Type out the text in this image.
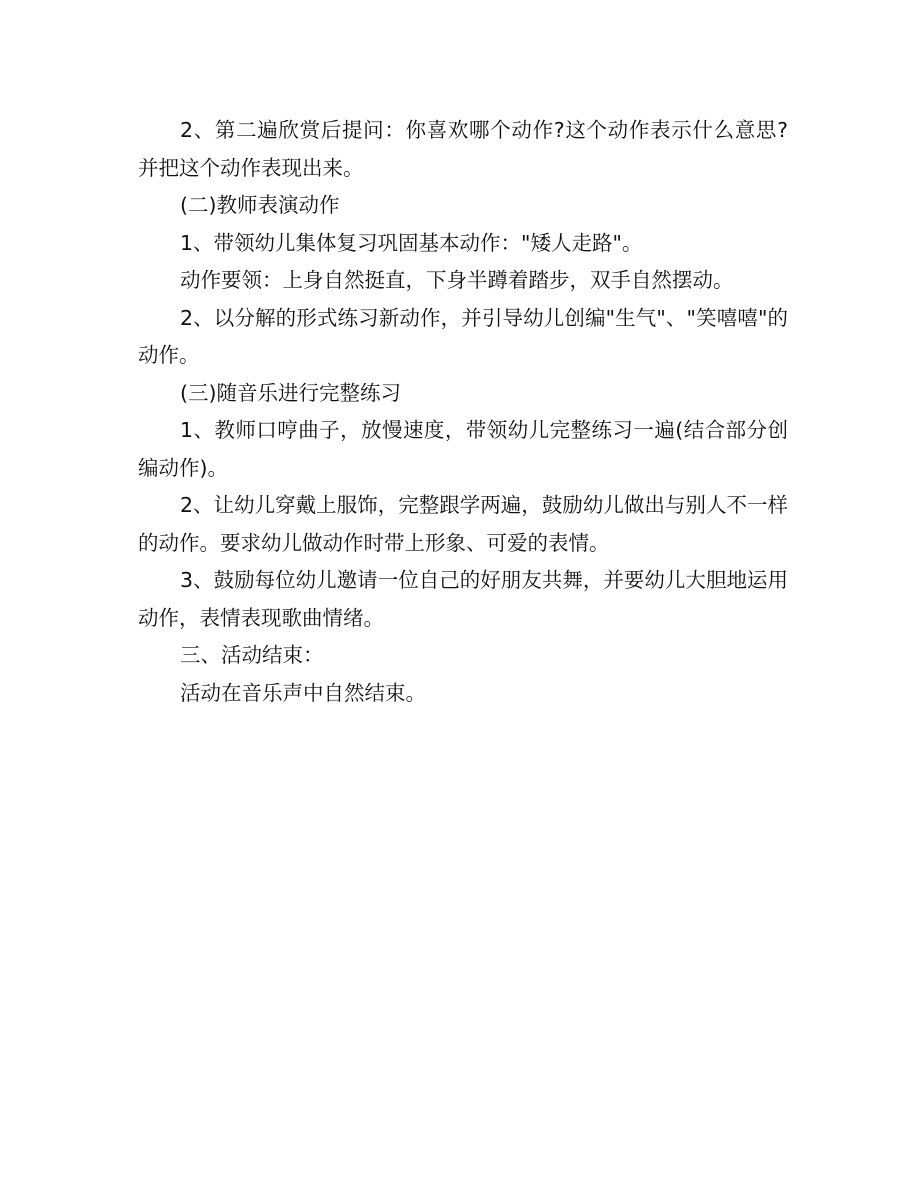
2、第二遍欣赏后提问：你喜欢哪个动作?这个动作表示什么意思?并把这个动作表现出来。

(二)教师表演动作

1、带领幼儿集体复习巩固基本动作："矮人走路"。

动作要领：上身自然挺直，下身半蹲着踏步，双手自然摆动。

2、以分解的形式练习新动作，并引导幼儿创编"生气"、"笑嘻嘻"的动作。

(三)随音乐进行完整练习

1、教师口哼曲子，放慢速度，带领幼儿完整练习一遍(结合部分创编动作)。

2、让幼儿穿戴上服饰，完整跟学两遍，鼓励幼儿做出与别人不一样的动作。要求幼儿做动作时带上形象、可爱的表情。

3、鼓励每位幼儿邀请一位自己的好朋友共舞，并要幼儿大胆地运用动作，表情表现歌曲情绪。

三、活动结束：

活动在音乐声中自然结束。
